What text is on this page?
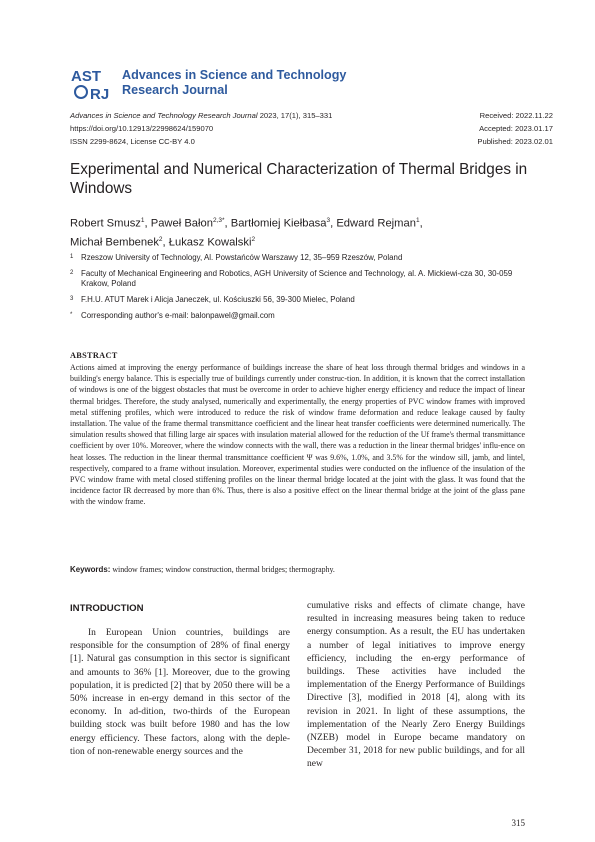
AST
RJ
Advances in Science and Technology
Research Journal
Advances in Science and Technology Research Journal 2023, 17(1), 315–331
https://doi.org/10.12913/22998624/159070
ISSN 2299-8624, License CC-BY 4.0
Received: 2022.11.22
Accepted: 2023.01.17
Published: 2023.02.01
Experimental and Numerical Characterization of Thermal Bridges in Windows
Robert Smusz$^1$, Paweł Bałon$^{2,3*}$, Bartłomiej Kiełbasa$^3$, Edward Rejman$^1$,
Michał Bembenek$^2$, Łukasz Kowalski$^2$
1 Rzeszow University of Technology, Al. Powstańców Warszawy 12, 35–959 Rzeszów, Poland
2 Faculty of Mechanical Engineering and Robotics, AGH University of Science and Technology, al. A. Mickiewi-cza 30, 30-059 Krakow, Poland
3 F.H.U. ATUT Marek i Alicja Janeczek, ul. Kościuszki 56, 39-300 Mielec, Poland
*	Corresponding author's e-mail: balonpawel@gmail.com
ABSTRACT
Actions aimed at improving the energy performance of buildings increase the share of heat loss through thermal bridges and windows in a building's energy balance. This is especially true of buildings currently under construc-tion. In addition, it is known that the correct installation of windows is one of the biggest obstacles that must be overcome in order to achieve higher energy efficiency and reduce the impact of linear thermal bridges. Therefore, the study analysed, numerically and experimentally, the energy properties of PVC window frames with improved metal stiffening profiles, which were introduced to reduce the risk of window frame deformation and reduce leakage caused by faulty installation. The value of the frame thermal transmittance coefficient and the linear heat transfer coefficients were determined numerically. The simulation results showed that filling large air spaces with insulation material allowed for the reduction of the Uf frame's thermal transmittance coefficient by over 10%. Moreover, where the window connects with the wall, there was a reduction in the linear thermal bridges' influ-ence on heat losses. The reduction in the linear thermal transmittance coefficient Ψ was 9.6%, 1.0%, and 3.5% for the window sill, jamb, and lintel, respectively, compared to a frame without insulation. Moreover, experimental studies were conducted on the influence of the insulation of the PVC window frame with metal closed stiffening profiles on the linear thermal bridge located at the joint with the glass. It was found that the incidence factor IR decreased by more than 6%. Thus, there is also a positive effect on the linear thermal bridge at the joint of the glass pane with the window frame.
Keywords: window frames; window construction, thermal bridges; thermography.
INTRODUCTION
In European Union countries, buildings are responsible for the consumption of 28% of final energy [1]. Natural gas consumption in this sector is significant and amounts to 36% [1]. Moreover, due to the growing population, it is predicted [2] that by 2050 there will be a 50% increase in en-ergy demand in this sector of the economy. In ad-dition, two-thirds of the European building stock was built before 1980 and has the low energy efficiency. These factors, along with the deple-tion of non-renewable energy sources and the
cumulative risks and effects of climate change, have resulted in increasing measures being taken to reduce energy consumption. As a result, the EU has undertaken a number of legal initiatives to improve energy efficiency, including the en-ergy performance of buildings. These activities have included the implementation of the Energy Performance of Buildings Directive [3], modified in 2018 [4], along with its revision in 2021. In light of these assumptions, the implementation of the Nearly Zero Energy Buildings (NZEB) model in Europe became mandatory on December 31, 2018 for new public buildings, and for all new
315
